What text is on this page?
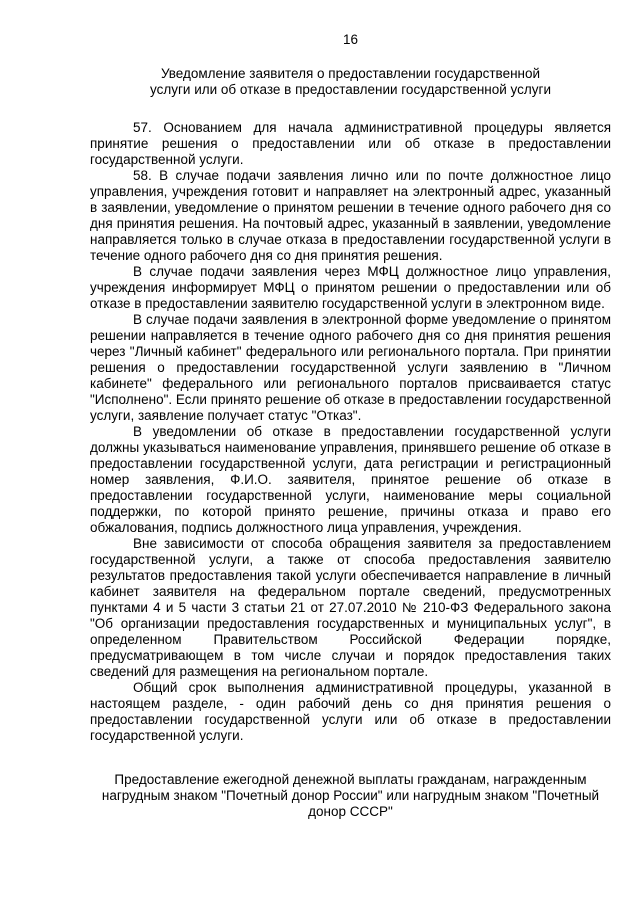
16
Уведомление заявителя о предоставлении государственной
услуги или об отказе в предоставлении государственной услуги

57. Основанием для начала административной процедуры является принятие решения о предоставлении или об отказе в предоставлении государственной услуги.

58. В случае подачи заявления лично или по почте должностное лицо управления, учреждения готовит и направляет на электронный адрес, указанный в заявлении, уведомление о принятом решении в течение одного рабочего дня со дня принятия решения. На почтовый адрес, указанный в заявлении, уведомление направляется только в случае отказа в предоставлении государственной услуги в течение одного рабочего дня со дня принятия решения.

В случае подачи заявления через МФЦ должностное лицо управления, учреждения информирует МФЦ о принятом решении о предоставлении или об отказе в предоставлении заявителю государственной услуги в электронном виде.

В случае подачи заявления в электронной форме уведомление о принятом решении направляется в течение одного рабочего дня со дня принятия решения через "Личный кабинет" федерального или регионального портала. При принятии решения о предоставлении государственной услуги заявлению в "Личном кабинете" федерального или регионального порталов присваивается статус "Исполнено". Если принято решение об отказе в предоставлении государственной услуги, заявление получает статус "Отказ".

В уведомлении об отказе в предоставлении государственной услуги должны указываться наименование управления, принявшего решение об отказе в предоставлении государственной услуги, дата регистрации и регистрационный номер заявления, Ф.И.О. заявителя, принятое решение об отказе в предоставлении государственной услуги, наименование меры социальной поддержки, по которой принято решение, причины отказа и право его обжалования, подпись должностного лица управления, учреждения.

Вне зависимости от способа обращения заявителя за предоставлением государственной услуги, а также от способа предоставления заявителю результатов предоставления такой услуги обеспечивается направление в личный кабинет заявителя на федеральном портале сведений, предусмотренных пунктами 4 и 5 части 3 статьи 21 от 27.07.2010 № 210-ФЗ Федерального закона "Об организации предоставления государственных и муниципальных услуг", в определенном Правительством Российской Федерации порядке, предусматривающем в том числе случаи и порядок предоставления таких сведений для размещения на региональном портале.

Общий срок выполнения административной процедуры, указанной в настоящем разделе, - один рабочий день со дня принятия решения о предоставлении государственной услуги или об отказе в предоставлении государственной услуги.

Предоставление ежегодной денежной выплаты гражданам, награжденным нагрудным знаком "Почетный донор России" или нагрудным знаком "Почетный донор СССР"
